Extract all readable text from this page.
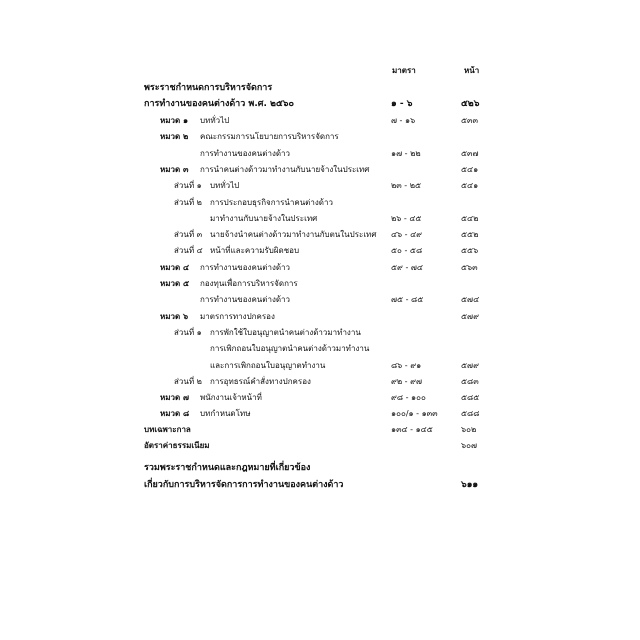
มาตรา	หน้า
พระราชกำหนดการบริหารจัดการ
การทำงานของคนต่างด้าว พ.ศ. ๒๕๖๐	๑ - ๖	๕๒๖
หมวด ๑ บททั่วไป	๗ - ๑๖	๕๓๓
หมวด ๒ คณะกรรมการนโยบายการบริหารจัดการ
การทำงานของคนต่างด้าว	๑๗ - ๒๒	๕๓๗
หมวด ๓ การนำคนต่างด้าวมาทำงานกับนายจ้างในประเทศ	๕๔๑
ส่วนที่ ๑ บททั่วไป	๒๓ - ๒๕	๕๔๑
ส่วนที่ ๒ การประกอบธุรกิจการนำคนต่างด้าว
มาทำงานกับนายจ้างในประเทศ	๒๖ - ๔๕	๕๔๒
ส่วนที่ ๓ นายจ้างนำคนต่างด้าวมาทำงานกับตนในประเทศ ๔๖ - ๔๙	๕๕๒
ส่วนที่ ๔ หน้าที่และความรับผิดชอบ	๕๐ - ๕๘	๕๕๖
หมวด ๔ การทำงานของคนต่างด้าว	๕๙ - ๗๔	๕๖๓
หมวด ๕ กองทุนเพื่อการบริหารจัดการ
การทำงานของคนต่างด้าว	๗๕ - ๘๕	๕๗๔
หมวด ๖ มาตรการทางปกครอง	๕๗๙
ส่วนที่ ๑ การพักใช้ใบอนุญาตนำคนต่างด้าวมาทำงาน
การเพิกถอนใบอนุญาตนำคนต่างด้าวมาทำงาน
และการเพิกถอนใบอนุญาตทำงาน	๘๖ - ๙๑	๕๗๙
ส่วนที่ ๒ การอุทธรณ์คำสั่งทางปกครอง	๙๒ - ๙๗	๕๘๓
หมวด ๗ พนักงานเจ้าหน้าที่	๙๘ - ๑๐๐	๕๘๕
หมวด ๘ บทกำหนดโทษ	๑๐๐/๑ - ๑๓๓	๕๘๘
บทเฉพาะกาล	๑๓๔ - ๑๔๕	๖๐๒
อัตราค่าธรรมเนียม	๖๐๗
รวมพระราชกำหนดและกฎหมายที่เกี่ยวข้อง
เกี่ยวกับการบริหารจัดการการทำงานของคนต่างด้าว	๖๑๑
